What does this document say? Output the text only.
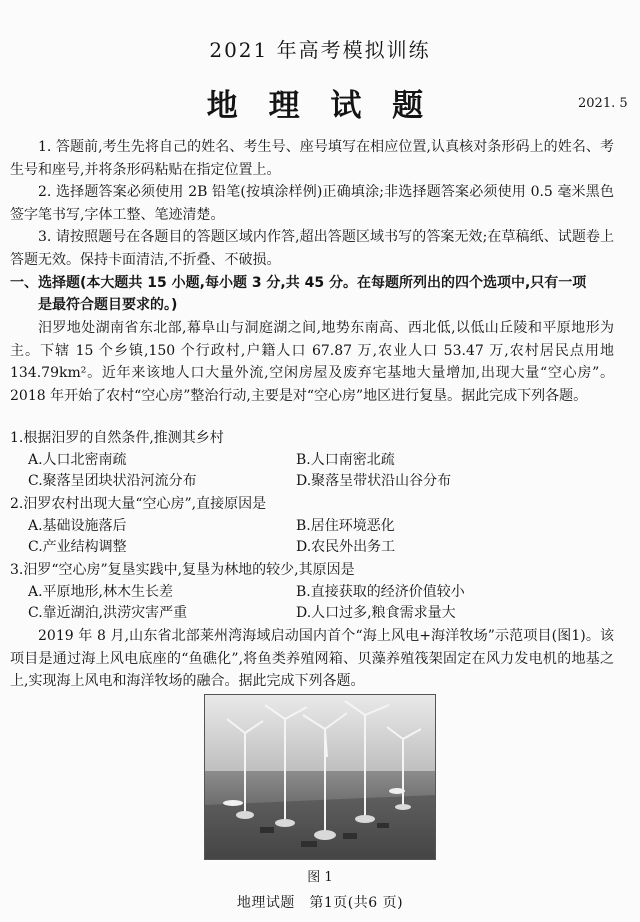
2021 年高考模拟训练
地 理 试 题	2021. 5

1. 答题前,考生先将自己的姓名、考生号、座号填写在相应位置,认真核对条形码上的姓名、考生号和座号,并将条形码粘贴在指定位置上。

2. 选择题答案必须使用 2B 铅笔(按填涂样例)正确填涂;非选择题答案必须使用 0.5 毫米黑色签字笔书写,字体工整、笔迹清楚。

3. 请按照题号在各题目的答题区域内作答,超出答题区域书写的答案无效;在草稿纸、试题卷上答题无效。保持卡面清洁,不折叠、不破损。

一、选择题(本大题共 15 小题,每小题 3 分,共 45 分。在每题所列出的四个选项中,只有一项
是最符合题目要求的。)

汨罗地处湖南省东北部,幕阜山与洞庭湖之间,地势东南高、西北低,以低山丘陵和平原地形为主。下辖 15 个乡镇,150 个行政村,户籍人口 67.87 万,农业人口 53.47 万,农村居民点用地 134.79km²。近年来该地人口大量外流,空闲房屋及废弃宅基地大量增加,出现大量“空心房”。2018 年开始了农村“空心房”整治行动,主要是对“空心房”地区进行复垦。据此完成下列各题。

1.根据汨罗的自然条件,推测其乡村
A.人口北密南疏	B.人口南密北疏
C.聚落呈团块状沿河流分布	D.聚落呈带状沿山谷分布
2.汨罗农村出现大量“空心房”,直接原因是
A.基础设施落后	B.居住环境恶化
C.产业结构调整	D.农民外出务工
3.汨罗“空心房”复垦实践中,复垦为林地的较少,其原因是
A.平原地形,林木生长差	B.直接获取的经济价值较小
C.靠近湖泊,洪涝灾害严重	D.人口过多,粮食需求量大

2019 年 8 月,山东省北部莱州湾海域启动国内首个“海上风电+海洋牧场”示范项目(图1)。该项目是通过海上风电底座的“鱼礁化”,将鱼类养殖网箱、贝藻养殖筏架固定在风力发电机的地基之上,实现海上风电和海洋牧场的融合。据此完成下列各题。

图 1
地理试题　第1页(共6 页)
